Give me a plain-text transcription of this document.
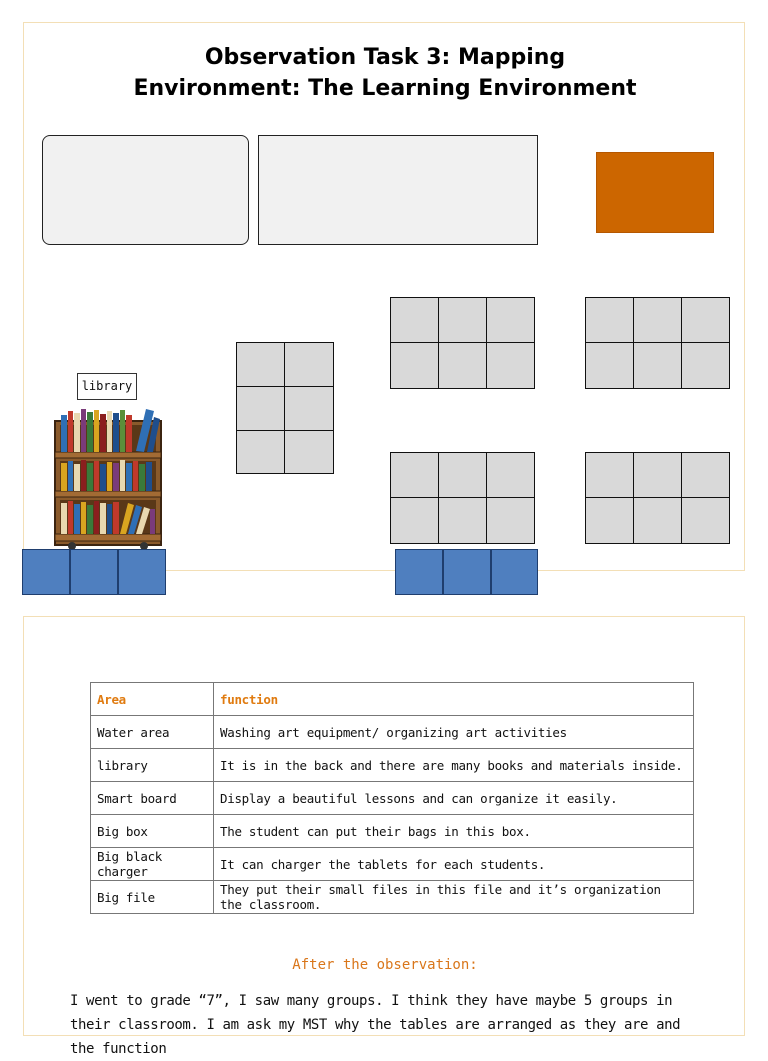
Observation Task 3: Mapping
Environment: The Learning Environment
library
Area	function
Water area	Washing art equipment/ organizing art activities
library	It is in the back and there are many books and materials inside.
Smart board	Display a beautiful lessons and can organize it easily.
Big box	The student can put their bags in this box.
Big black charger	It can charger the tablets for each students.
Big file	They put their small files in this file and it’s organization the classroom.
After the observation:
I went to grade “7”, I saw many groups. I think they have maybe 5 groups in their classroom. I am ask my MST why the tables are arranged as they are and the function
